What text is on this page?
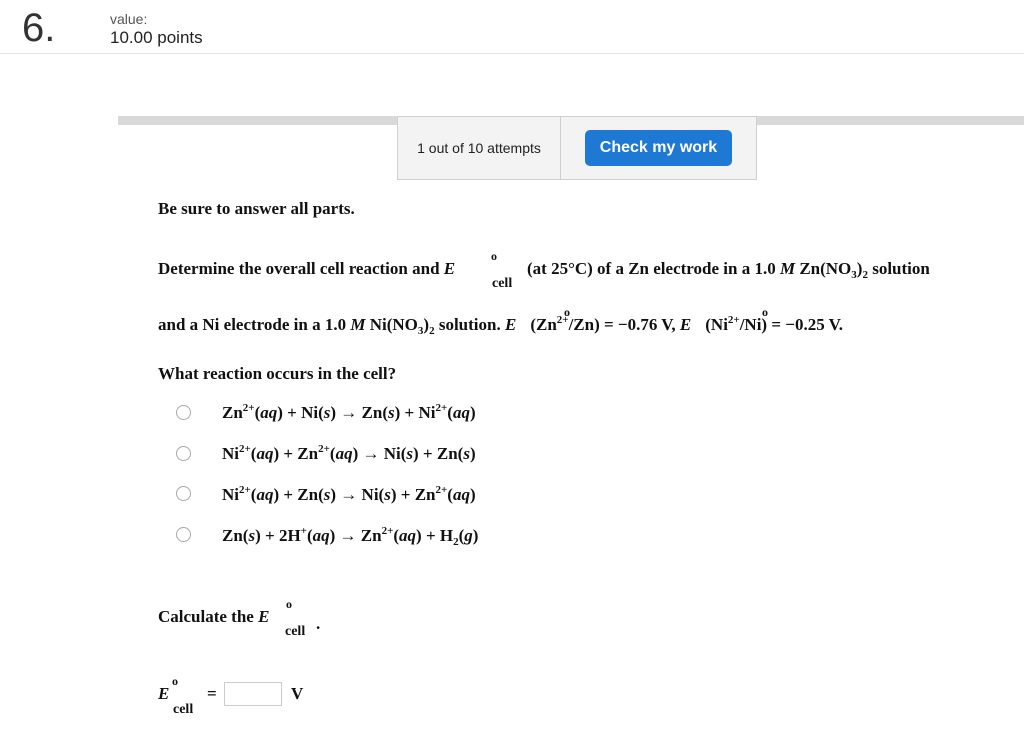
6.	value:
10.00 points
1 out of 10 attempts	Check my work
Be sure to answer all parts.
Determine the overall cell reaction and E
o
cell
(at 25°C) of a Zn electrode in a 1.0 M $Zn(NO_3)_2$ solution
and a Ni electrode in a 1.0 M $Ni(NO_3)_2$ solution. E $(Zn^{2+}/Zn) = -0.76$ V, E $(Ni^{2+}/Ni) = -0.25$ V.
o	o
What reaction occurs in the cell?
$Zn^{2+}(aq) + Ni(s) \to Zn(s) + Ni^{2+}(aq)$
$Ni^{2+}(aq) + Zn^{2+}(aq) \to Ni(s) + Zn(s)$
$Ni^{2+}(aq) + Zn(s) \to Ni(s) + Zn^{2+}(aq)$
$Zn(s) + 2H^+(aq) \to Zn^{2+}(aq) + H_2(g)$
Calculate the E
o
cell .
E
o
cell
=	V
